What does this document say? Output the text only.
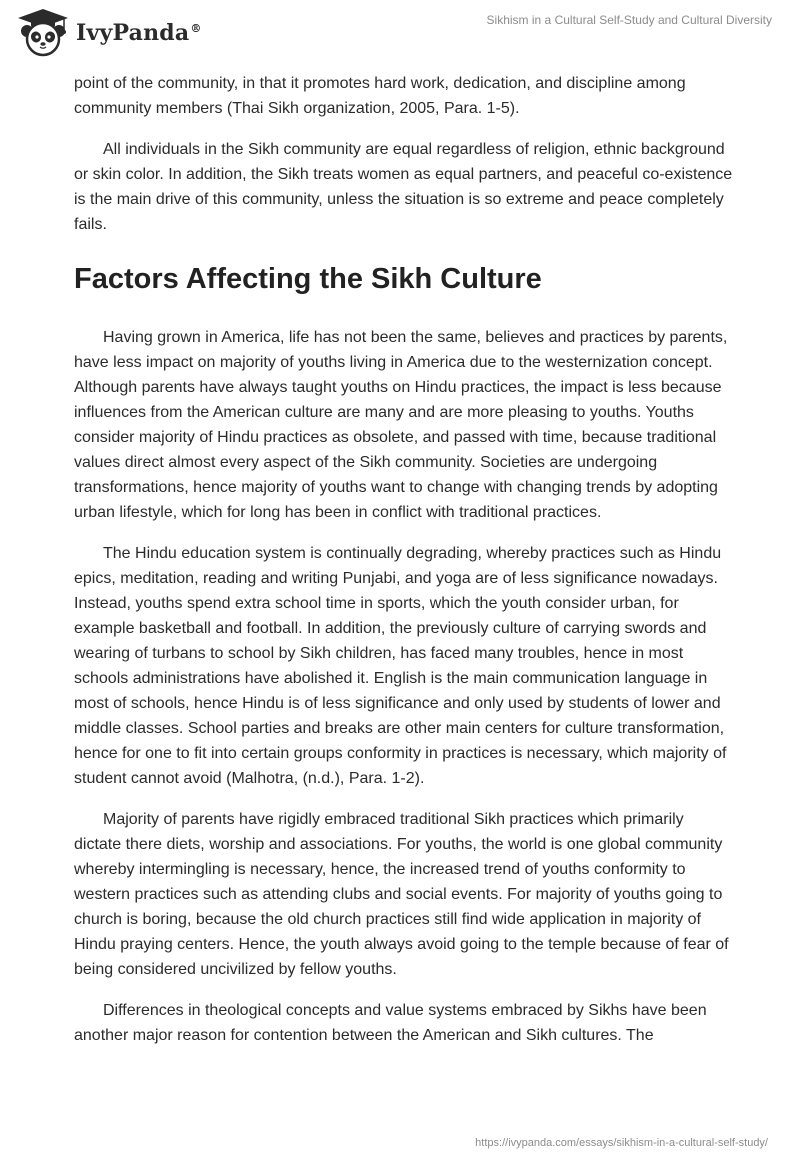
IvyPanda®
Sikhism in a Cultural Self-Study and Cultural Diversity

point of the community, in that it promotes hard work, dedication, and discipline among community members (Thai Sikh organization, 2005, Para. 1-5).

All individuals in the Sikh community are equal regardless of religion, ethnic background or skin color. In addition, the Sikh treats women as equal partners, and peaceful co-existence is the main drive of this community, unless the situation is so extreme and peace completely fails.

Factors Affecting the Sikh Culture

Having grown in America, life has not been the same, believes and practices by parents, have less impact on majority of youths living in America due to the westernization concept. Although parents have always taught youths on Hindu practices, the impact is less because influences from the American culture are many and are more pleasing to youths. Youths consider majority of Hindu practices as obsolete, and passed with time, because traditional values direct almost every aspect of the Sikh community. Societies are undergoing transformations, hence majority of youths want to change with changing trends by adopting urban lifestyle, which for long has been in conflict with traditional practices.

The Hindu education system is continually degrading, whereby practices such as Hindu epics, meditation, reading and writing Punjabi, and yoga are of less significance nowadays. Instead, youths spend extra school time in sports, which the youth consider urban, for example basketball and football. In addition, the previously culture of carrying swords and wearing of turbans to school by Sikh children, has faced many troubles, hence in most schools administrations have abolished it. English is the main communication language in most of schools, hence Hindu is of less significance and only used by students of lower and middle classes. School parties and breaks are other main centers for culture transformation, hence for one to fit into certain groups conformity in practices is necessary, which majority of student cannot avoid (Malhotra, (n.d.), Para. 1-2).

Majority of parents have rigidly embraced traditional Sikh practices which primarily dictate there diets, worship and associations. For youths, the world is one global community whereby intermingling is necessary, hence, the increased trend of youths conformity to western practices such as attending clubs and social events. For majority of youths going to church is boring, because the old church practices still find wide application in majority of Hindu praying centers. Hence, the youth always avoid going to the temple because of fear of being considered uncivilized by fellow youths.

Differences in theological concepts and value systems embraced by Sikhs have been another major reason for contention between the American and Sikh cultures. The

https://ivypanda.com/essays/sikhism-in-a-cultural-self-study/
